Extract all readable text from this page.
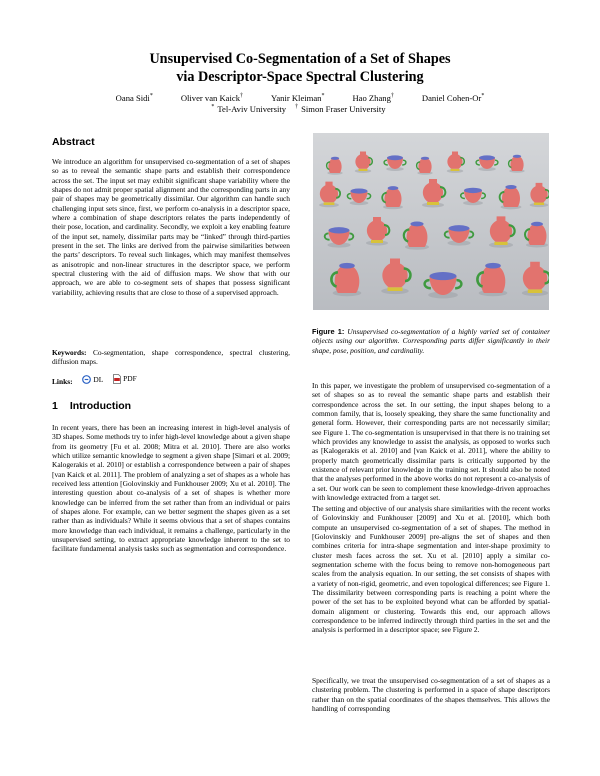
Unsupervised Co-Segmentation of a Set of Shapes
via Descriptor-Space Spectral Clustering
Oana Sidi*	Oliver van Kaick†	Yanir Kleiman*	Hao Zhang†	Daniel Cohen-Or*
* Tel-Aviv University † Simon Fraser University
Abstract

We introduce an algorithm for unsupervised co-segmentation of a set of shapes so as to reveal the semantic shape parts and establish their correspondence across the set. The input set may exhibit significant shape variability where the shapes do not admit proper spatial alignment and the corresponding parts in any pair of shapes may be geometrically dissimilar. Our algorithm can handle such challenging input sets since, first, we perform co-analysis in a descriptor space, where a combination of shape descriptors relates the parts independently of their pose, location, and cardinality. Secondly, we exploit a key enabling feature of the input set, namely, dissimilar parts may be “linked” through third-parties present in the set. The links are derived from the pairwise similarities between the parts’ descriptors. To reveal such linkages, which may manifest themselves as anisotropic and non-linear structures in the descriptor space, we perform spectral clustering with the aid of diffusion maps. We show that with our approach, we are able to co-segment sets of shapes that possess significant variability, achieving results that are close to those of a supervised approach.

Keywords: Co-segmentation, shape correspondence, spectral clustering, diffusion maps.

Links:	DL
	PDF
1 Introduction

In recent years, there has been an increasing interest in high-level analysis of 3D shapes. Some methods try to infer high-level knowledge about a given shape from its geometry [Fu et al. 2008; Mitra et al. 2010]. There are also works which utilize semantic knowledge to segment a given shape [Simari et al. 2009; Kalogerakis et al. 2010] or establish a correspondence between a pair of shapes [van Kaick et al. 2011]. The problem of analyzing a set of shapes as a whole has received less attention [Golovinskiy and Funkhouser 2009; Xu et al. 2010]. The interesting question about co-analysis of a set of shapes is whether more knowledge can be inferred from the set rather than from an individual or pairs of shapes alone. For example, can we better segment the shapes given as a set rather than as individuals? While it seems obvious that a set of shapes contains more knowledge than each individual, it remains a challenge, particularly in the unsupervised setting, to extract appropriate knowledge inherent to the set to facilitate fundamental analysis tasks such as segmentation and correspondence.

Figure 1: Unsupervised co-segmentation of a highly varied set of container objects using our algorithm. Corresponding parts differ significantly in their shape, pose, position, and cardinality.

In this paper, we investigate the problem of unsupervised co-segmentation of a set of shapes so as to reveal the semantic shape parts and establish their correspondence across the set. In our setting, the input shapes belong to a common family, that is, loosely speaking, they share the same functionality and general form. However, their corresponding parts are not necessarily similar; see Figure 1. The co-segmentation is unsupervised in that there is no training set which provides any knowledge to assist the analysis, as opposed to works such as [Kalogerakis et al. 2010] and [van Kaick et al. 2011], where the ability to properly match geometrically dissimilar parts is critically supported by the existence of relevant prior knowledge in the training set. It should also be noted that the analyses performed in the above works do not represent a co-analysis of a set. Our work can be seen to complement these knowledge-driven approaches with knowledge extracted from a target set.

The setting and objective of our analysis share similarities with the recent works of Golovinskiy and Funkhouser [2009] and Xu et al. [2010], which both compute an unsupervised co-segmentation of a set of shapes. The method in [Golovinskiy and Funkhouser 2009] pre-aligns the set of shapes and then combines criteria for intra-shape segmentation and inter-shape proximity to cluster mesh faces across the set. Xu et al. [2010] apply a similar co-segmentation scheme with the focus being to remove non-homogeneous part scales from the analysis equation. In our setting, the set consists of shapes with a variety of non-rigid, geometric, and even topological differences; see Figure 1. The dissimilarity between corresponding parts is reaching a point where the power of the set has to be exploited beyond what can be afforded by spatial-domain alignment or clustering. Towards this end, our approach allows correspondence to be inferred indirectly through third parties in the set and the analysis is performed in a descriptor space; see Figure 2.

Specifically, we treat the unsupervised co-segmentation of a set of shapes as a clustering problem. The clustering is performed in a space of shape descriptors rather than on the spatial coordinates of the shapes themselves. This allows the handling of corresponding
